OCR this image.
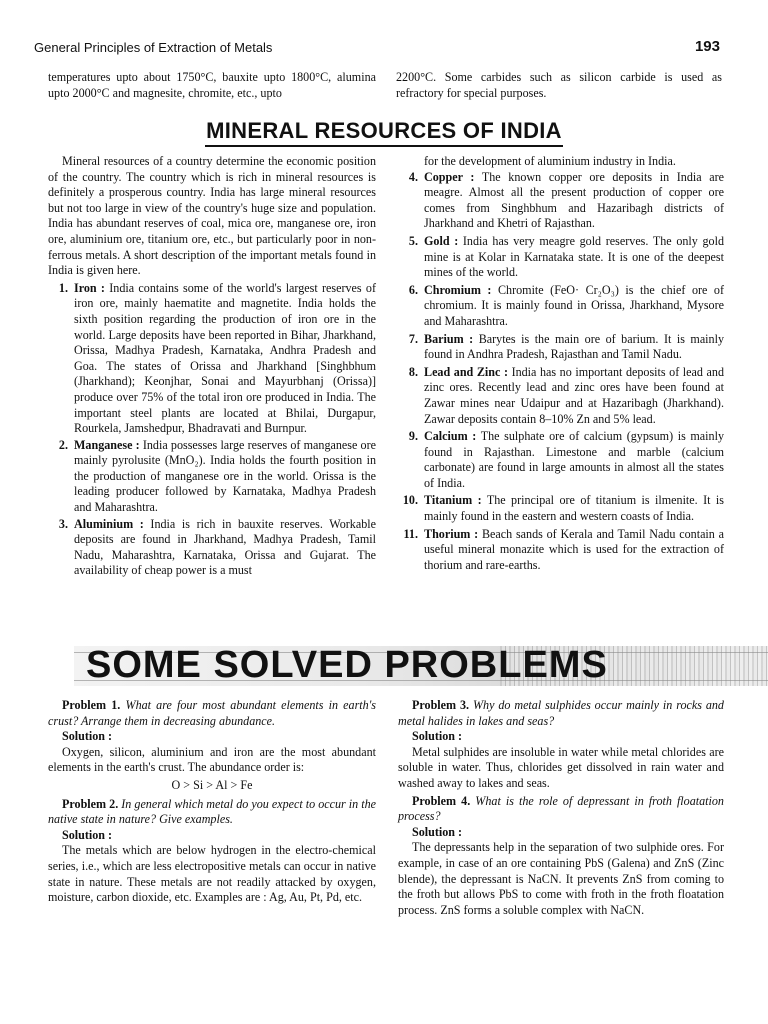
General Principles of Extraction of Metals	193

temperatures upto about 1750°C, bauxite upto 1800°C, alumina upto 2000°C and magnesite, chromite, etc., upto

2200°C. Some carbides such as silicon carbide is used as refractory for special purposes.

MINERAL RESOURCES OF INDIA

Mineral resources of a country determine the economic position of the country. The country which is rich in mineral resources is definitely a prosperous country. India has large mineral resources but not too large in view of the country's huge size and population. India has abundant reserves of coal, mica ore, manganese ore, iron ore, aluminium ore, titanium ore, etc., but particularly poor in non-ferrous metals. A short description of the important metals found in India is given here.

1. Iron : India contains some of the world's largest reserves of iron ore, mainly haematite and magnetite. India holds the sixth position regarding the production of iron ore in the world. Large deposits have been reported in Bihar, Jharkhand, Orissa, Madhya Pradesh, Karnataka, Andhra Pradesh and Goa. The states of Orissa and Jharkhand [Singhbhum (Jharkhand); Keonjhar, Sonai and Mayurbhanj (Orissa)] produce over 75% of the total iron ore produced in India. The important steel plants are located at Bhilai, Durgapur, Rourkela, Jamshedpur, Bhadravati and Burnpur.
2. Manganese : India possesses large reserves of manganese ore mainly pyrolusite (MnO₂). India holds the fourth position in the production of manganese ore in the world. Orissa is the leading producer followed by Karnataka, Madhya Pradesh and Maharashtra.
3. Aluminium : India is rich in bauxite reserves. Workable deposits are found in Jharkhand, Madhya Pradesh, Tamil Nadu, Maharashtra, Karnataka, Orissa and Gujarat. The availability of cheap power is a must

for the development of aluminium industry in India.

4. Copper : The known copper ore deposits in India are meagre. Almost all the present production of copper ore comes from Singhbhum and Hazaribagh districts of Jharkhand and Khetri of Rajasthan.
5. Gold : India has very meagre gold reserves. The only gold mine is at Kolar in Karnataka state. It is one of the deepest mines of the world.
6. Chromium : Chromite (FeO· Cr₂O₃) is the chief ore of chromium. It is mainly found in Orissa, Jharkhand, Mysore and Maharashtra.
7. Barium : Barytes is the main ore of barium. It is mainly found in Andhra Pradesh, Rajasthan and Tamil Nadu.
8. Lead and Zinc : India has no important deposits of lead and zinc ores. Recently lead and zinc ores have been found at Zawar mines near Udaipur and at Hazaribagh (Jharkhand). Zawar deposits contain 8–10% Zn and 5% lead.
9. Calcium : The sulphate ore of calcium (gypsum) is mainly found in Rajasthan. Limestone and marble (calcium carbonate) are found in large amounts in almost all the states of India.
10. Titanium : The principal ore of titanium is ilmenite. It is mainly found in the eastern and western coasts of India.
11. Thorium : Beach sands of Kerala and Tamil Nadu contain a useful mineral monazite which is used for the extraction of thorium and rare-earths.
SOME SOLVED PROBLEMS

Problem 1. What are four most abundant elements in earth's crust? Arrange them in decreasing abundance.

Solution :

Oxygen, silicon, aluminium and iron are the most abundant elements in the earth's crust. The abundance order is:

O > Si > Al > Fe

Problem 2. In general which metal do you expect to occur in the native state in nature? Give examples.

Solution :

The metals which are below hydrogen in the electro-chemical series, i.e., which are less electropositive metals can occur in native state in nature. These metals are not readily attacked by oxygen, moisture, carbon dioxide, etc. Examples are : Ag, Au, Pt, Pd, etc.

Problem 3. Why do metal sulphides occur mainly in rocks and metal halides in lakes and seas?

Solution :

Metal sulphides are insoluble in water while metal chlorides are soluble in water. Thus, chlorides get dissolved in rain water and washed away to lakes and seas.

Problem 4. What is the role of depressant in froth floatation process?

Solution :

The depressants help in the separation of two sulphide ores. For example, in case of an ore containing PbS (Galena) and ZnS (Zinc blende), the depressant is NaCN. It prevents ZnS from coming to the froth but allows PbS to come with froth in the froth floatation process. ZnS forms a soluble complex with NaCN.
